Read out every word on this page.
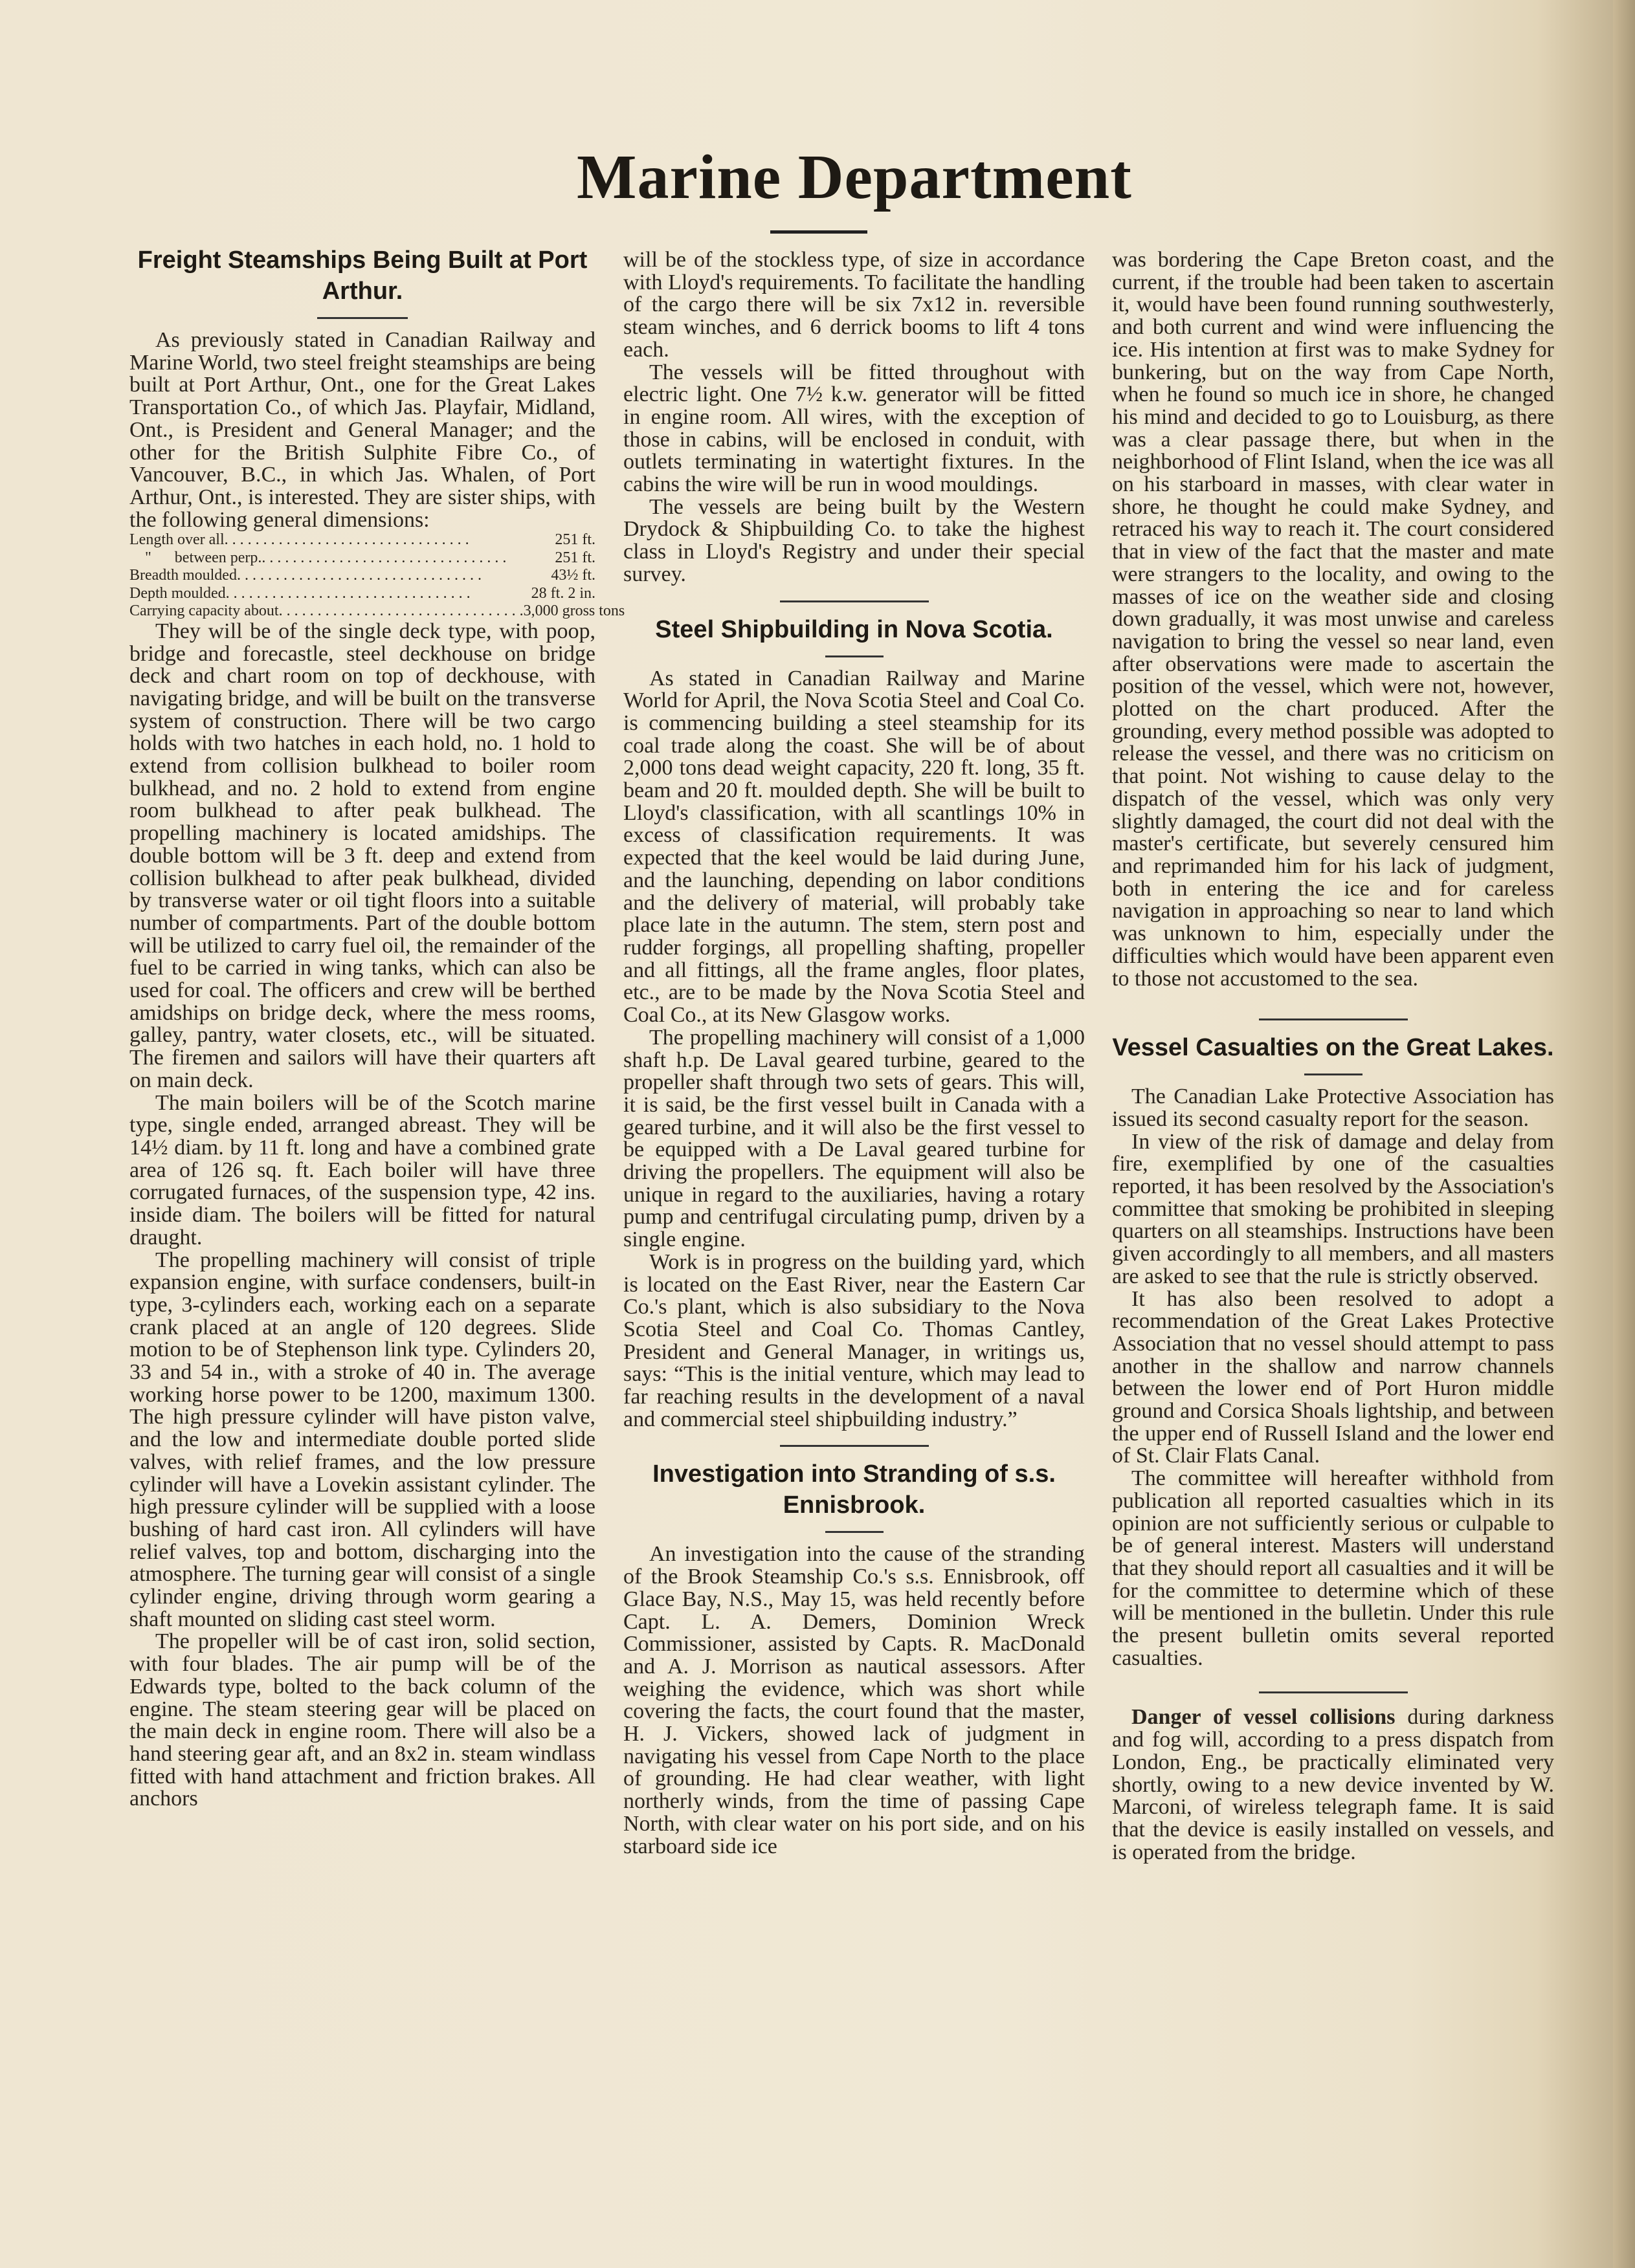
Marine Department
Freight Steamships Being Built at Port Arthur.

As previously stated in Canadian Railway and Marine World, two steel freight steamships are being built at Port Arthur, Ont., one for the Great Lakes Transportation Co., of which Jas. Playfair, Midland, Ont., is President and General Manager; and the other for the British Sulphite Fibre Co., of Vancouver, B.C., in which Jas. Whalen, of Port Arthur, Ont., is interested. They are sister ships, with the following general dimensions:

Length over all . . . . . . . . . . . . . . . . . . . . . . . . . . . . . . . .	251 ft.
"      between perp. . . . . . . . . . . . . . . . . . . . . . . . . . . . . . . . .	251 ft.
Breadth moulded . . . . . . . . . . . . . . . . . . . . . . . . . . . . . . . .	43½ ft.
Depth moulded . . . . . . . . . . . . . . . . . . . . . . . . . . . . . . . .	28 ft. 2 in.
Carrying capacity about . . . . . . . . . . . . . . . . . . . . . . . . . . . . . . . . 3,000 gross tons

They will be of the single deck type, with poop, bridge and forecastle, steel deckhouse on bridge deck and chart room on top of deckhouse, with navigating bridge, and will be built on the transverse system of construction. There will be two cargo holds with two hatches in each hold, no. 1 hold to extend from collision bulkhead to boiler room bulkhead, and no. 2 hold to extend from engine room bulkhead to after peak bulkhead. The propelling machinery is located amidships. The double bottom will be 3 ft. deep and extend from collision bulkhead to after peak bulkhead, divided by transverse water or oil tight floors into a suitable number of compartments. Part of the double bottom will be utilized to carry fuel oil, the remainder of the fuel to be carried in wing tanks, which can also be used for coal. The officers and crew will be berthed amidships on bridge deck, where the mess rooms, galley, pantry, water closets, etc., will be situated. The firemen and sailors will have their quarters aft on main deck.

The main boilers will be of the Scotch marine type, single ended, arranged abreast. They will be 14½ diam. by 11 ft. long and have a combined grate area of 126 sq. ft. Each boiler will have three corrugated furnaces, of the suspension type, 42 ins. inside diam. The boilers will be fitted for natural draught.

The propelling machinery will consist of triple expansion engine, with surface condensers, built-in type, 3-cylinders each, working each on a separate crank placed at an angle of 120 degrees. Slide motion to be of Stephenson link type. Cylinders 20, 33 and 54 in., with a stroke of 40 in. The average working horse power to be 1200, maximum 1300. The high pressure cylinder will have piston valve, and the low and intermediate double ported slide valves, with relief frames, and the low pressure cylinder will have a Lovekin assistant cylinder. The high pressure cylinder will be supplied with a loose bushing of hard cast iron. All cylinders will have relief valves, top and bottom, discharging into the atmosphere. The turning gear will consist of a single cylinder engine, driving through worm gearing a shaft mounted on sliding cast steel worm.

The propeller will be of cast iron, solid section, with four blades. The air pump will be of the Edwards type, bolted to the back column of the engine. The steam steering gear will be placed on the main deck in engine room. There will also be a hand steering gear aft, and an 8x2 in. steam windlass fitted with hand attachment and friction brakes. All anchors

will be of the stockless type, of size in accordance with Lloyd's requirements. To facilitate the handling of the cargo there will be six 7x12 in. reversible steam winches, and 6 derrick booms to lift 4 tons each.

The vessels will be fitted throughout with electric light. One 7½ k.w. generator will be fitted in engine room. All wires, with the exception of those in cabins, will be enclosed in conduit, with outlets terminating in watertight fixtures. In the cabins the wire will be run in wood mouldings.

The vessels are being built by the Western Drydock & Shipbuilding Co. to take the highest class in Lloyd's Registry and under their special survey.

Steel Shipbuilding in Nova Scotia.

As stated in Canadian Railway and Marine World for April, the Nova Scotia Steel and Coal Co. is commencing building a steel steamship for its coal trade along the coast. She will be of about 2,000 tons dead weight capacity, 220 ft. long, 35 ft. beam and 20 ft. moulded depth. She will be built to Lloyd's classification, with all scantlings 10% in excess of classification requirements. It was expected that the keel would be laid during June, and the launching, depending on labor conditions and the delivery of material, will probably take place late in the autumn. The stem, stern post and rudder forgings, all propelling shafting, propeller and all fittings, all the frame angles, floor plates, etc., are to be made by the Nova Scotia Steel and Coal Co., at its New Glasgow works.

The propelling machinery will consist of a 1,000 shaft h.p. De Laval geared turbine, geared to the propeller shaft through two sets of gears. This will, it is said, be the first vessel built in Canada with a geared turbine, and it will also be the first vessel to be equipped with a De Laval geared turbine for driving the propellers. The equipment will also be unique in regard to the auxiliaries, having a rotary pump and centrifugal circulating pump, driven by a single engine.

Work is in progress on the building yard, which is located on the East River, near the Eastern Car Co.'s plant, which is also subsidiary to the Nova Scotia Steel and Coal Co. Thomas Cantley, President and General Manager, in writings us, says: “This is the initial venture, which may lead to far reaching results in the development of a naval and commercial steel shipbuilding industry.”

Investigation into Stranding of s.s. Ennisbrook.

An investigation into the cause of the stranding of the Brook Steamship Co.'s s.s. Ennisbrook, off Glace Bay, N.S., May 15, was held recently before Capt. L. A. Demers, Dominion Wreck Commissioner, assisted by Capts. R. MacDonald and A. J. Morrison as nautical assessors. After weighing the evidence, which was short while covering the facts, the court found that the master, H. J. Vickers, showed lack of judgment in navigating his vessel from Cape North to the place of grounding. He had clear weather, with light northerly winds, from the time of passing Cape North, with clear water on his port side, and on his starboard side ice

was bordering the Cape Breton coast, and the current, if the trouble had been taken to ascertain it, would have been found running southwesterly, and both current and wind were influencing the ice. His intention at first was to make Sydney for bunkering, but on the way from Cape North, when he found so much ice in shore, he changed his mind and decided to go to Louisburg, as there was a clear passage there, but when in the neighborhood of Flint Island, when the ice was all on his starboard in masses, with clear water in shore, he thought he could make Sydney, and retraced his way to reach it. The court considered that in view of the fact that the master and mate were strangers to the locality, and owing to the masses of ice on the weather side and closing down gradually, it was most unwise and careless navigation to bring the vessel so near land, even after observations were made to ascertain the position of the vessel, which were not, however, plotted on the chart produced. After the grounding, every method possible was adopted to release the vessel, and there was no criticism on that point. Not wishing to cause delay to the dispatch of the vessel, which was only very slightly damaged, the court did not deal with the master's certificate, but severely censured him and reprimanded him for his lack of judgment, both in entering the ice and for careless navigation in approaching so near to land which was unknown to him, especially under the difficulties which would have been apparent even to those not accustomed to the sea.

Vessel Casualties on the Great Lakes.

The Canadian Lake Protective Association has issued its second casualty report for the season.

In view of the risk of damage and delay from fire, exemplified by one of the casualties reported, it has been resolved by the Association's committee that smoking be prohibited in sleeping quarters on all steamships. Instructions have been given accordingly to all members, and all masters are asked to see that the rule is strictly observed.

It has also been resolved to adopt a recommendation of the Great Lakes Protective Association that no vessel should attempt to pass another in the shallow and narrow channels between the lower end of Port Huron middle ground and Corsica Shoals lightship, and between the upper end of Russell Island and the lower end of St. Clair Flats Canal.

The committee will hereafter withhold from publication all reported casualties which in its opinion are not sufficiently serious or culpable to be of general interest. Masters will understand that they should report all casualties and it will be for the committee to determine which of these will be mentioned in the bulletin. Under this rule the present bulletin omits several reported casualties.

Danger of vessel collisions during darkness and fog will, according to a press dispatch from London, Eng., be practically eliminated very shortly, owing to a new device invented by W. Marconi, of wireless telegraph fame. It is said that the device is easily installed on vessels, and is operated from the bridge.
